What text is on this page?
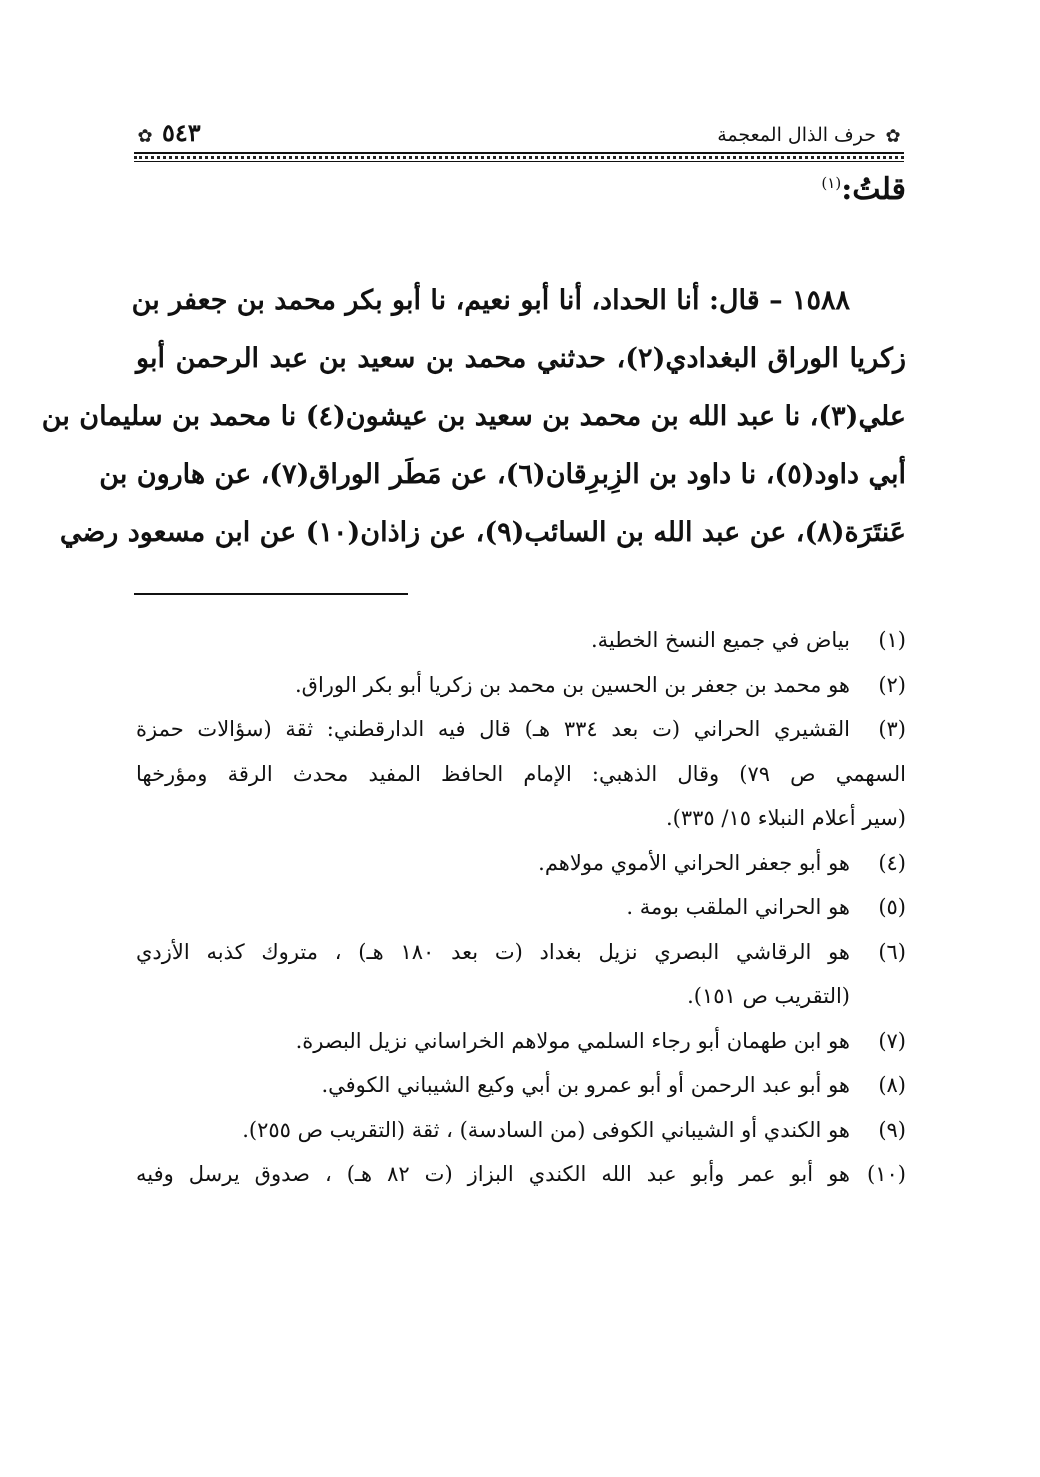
✿
حرف الذال المعجمة
٥٤٣
✿
قلتُ:$^{(١)}$
١٥٨٨ – قال: أنا الحداد، أنا أبو نعيم، نا أبو بكر محمد بن جعفر بن
زكريا الوراق البغدادي(٢)، حدثني محمد بن سعيد بن عبد الرحمن أبو
علي(٣)، نا عبد الله بن محمد بن سعيد بن عيشون(٤) نا محمد بن سليمان بن
أبي داود(٥)، نا داود بن الزِبرِقان(٦)، عن مَطَر الوراق(٧)، عن هارون بن
عَنتَرَة(٨)، عن عبد الله بن السائب(٩)، عن زاذان(١٠) عن ابن مسعود رضي
(١)
بياض في جميع النسخ الخطية.
(٢)
هو محمد بن جعفر بن الحسين بن محمد بن زكريا أبو بكر الوراق.
(٣)
القشيري الحراني (ت بعد ٣٣٤ هـ) قال فيه الدارقطني: ثقة (سؤالات حمزة
السهمي ص ٧٩) وقال الذهبي: الإمام الحافظ المفيد محدث الرقة ومؤرخها
(سير أعلام النبلاء ١٥/ ٣٣٥).
(٤)
هو أبو جعفر الحراني الأموي مولاهم.
(٥)
هو الحراني الملقب بومة .
(٦)
هو الرقاشي البصري نزيل بغداد (ت بعد ١٨٠ هـ) ، متروك كذبه الأزدي
(التقريب ص ١٥١).
(٧)
هو ابن طهمان أبو رجاء السلمي مولاهم الخراساني نزيل البصرة.
(٨)
هو أبو عبد الرحمن أو أبو عمرو بن أبي وكيع الشيباني الكوفي.
(٩)
هو الكندي أو الشيباني الكوفى (من السادسة) ، ثقة (التقريب ص ٢٥٥).
(١٠)
هو أبو عمر وأبو عبد الله الكندي البزاز (ت ٨٢ هـ) ، صدوق يرسل وفيه
